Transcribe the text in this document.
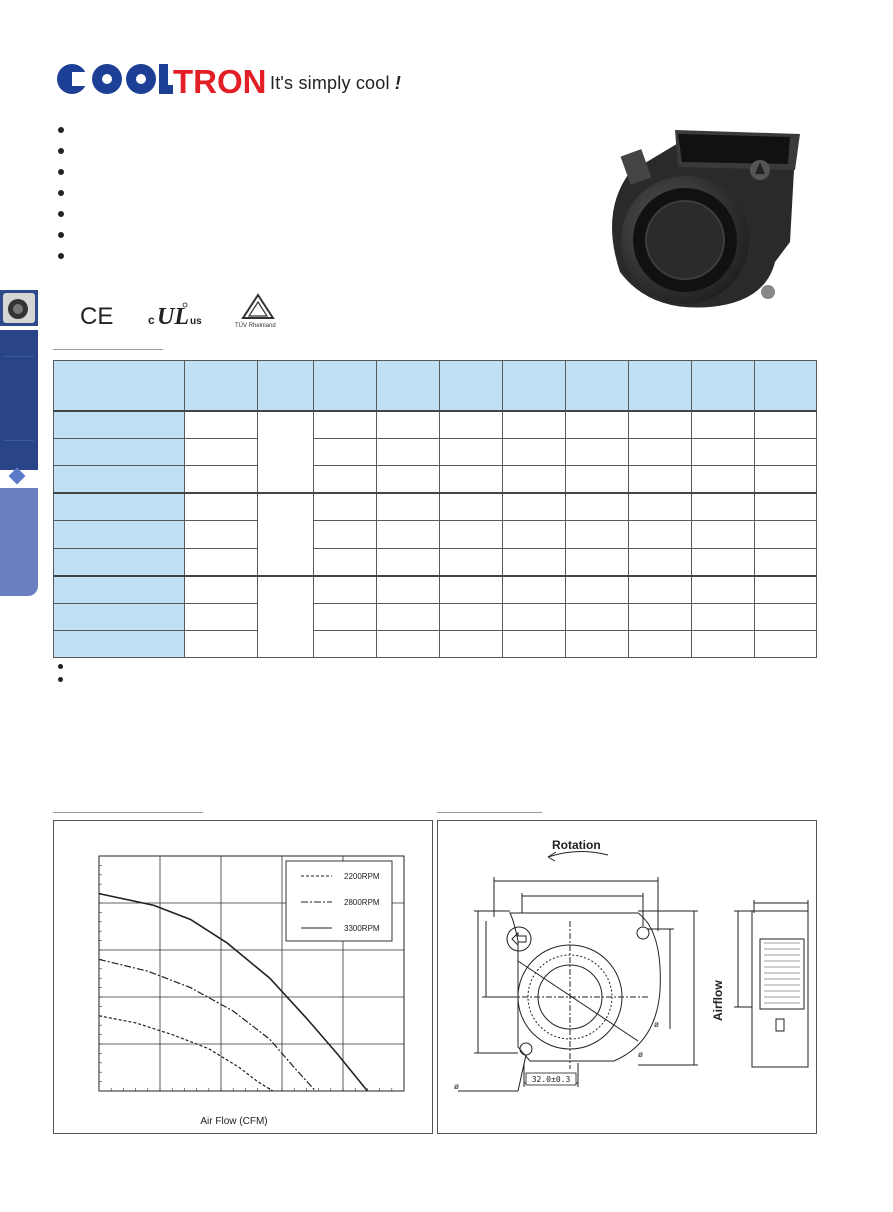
TRON It's simply cool !
CE	c UL us	TÜV Rheinland

2200RPM
2800RPM
3300RPM
Air Flow (CFM)
Rotation
Airflow
32.0±0.3
ø
ø
ø
